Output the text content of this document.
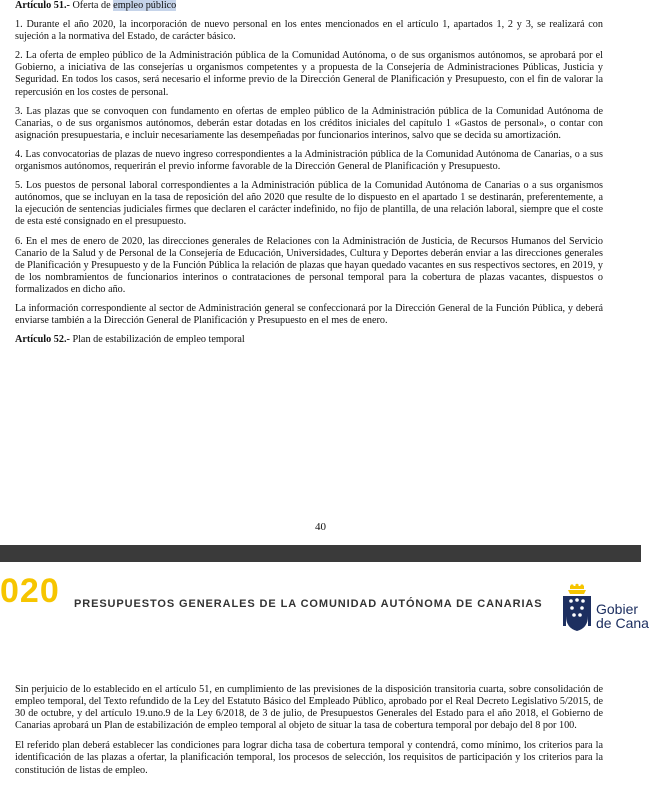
Artículo 51.- Oferta de empleo público

1. Durante el año 2020, la incorporación de nuevo personal en los entes mencionados en el artículo 1, apartados 1, 2 y 3, se realizará con sujeción a la normativa del Estado, de carácter básico.

2. La oferta de empleo público de la Administración pública de la Comunidad Autónoma, o de sus organismos autónomos, se aprobará por el Gobierno, a iniciativa de las consejerías u organismos competentes y a propuesta de la Consejería de Administraciones Públicas, Justicia y Seguridad. En todos los casos, será necesario el informe previo de la Dirección General de Planificación y Presupuesto, con el fin de valorar la repercusión en los costes de personal.

3. Las plazas que se convoquen con fundamento en ofertas de empleo público de la Administración pública de la Comunidad Autónoma de Canarias, o de sus organismos autónomos, deberán estar dotadas en los créditos iniciales del capítulo 1 «Gastos de personal», o contar con asignación presupuestaria, e incluir necesariamente las desempeñadas por funcionarios interinos, salvo que se decida su amortización.

4. Las convocatorias de plazas de nuevo ingreso correspondientes a la Administración pública de la Comunidad Autónoma de Canarias, o a sus organismos autónomos, requerirán el previo informe favorable de la Dirección General de Planificación y Presupuesto.

5. Los puestos de personal laboral correspondientes a la Administración pública de la Comunidad Autónoma de Canarias o a sus organismos autónomos, que se incluyan en la tasa de reposición del año 2020 que resulte de lo dispuesto en el apartado 1 se destinarán, preferentemente, a la ejecución de sentencias judiciales firmes que declaren el carácter indefinido, no fijo de plantilla, de una relación laboral, siempre que el coste de esta esté consignado en el presupuesto.

6. En el mes de enero de 2020, las direcciones generales de Relaciones con la Administración de Justicia, de Recursos Humanos del Servicio Canario de la Salud y de Personal de la Consejería de Educación, Universidades, Cultura y Deportes deberán enviar a las direcciones generales de Planificación y Presupuesto y de la Función Pública la relación de plazas que hayan quedado vacantes en sus respectivos sectores, en 2019, y de los nombramientos de funcionarios interinos o contrataciones de personal temporal para la cobertura de plazas vacantes, dispuestos o formalizados en dicho año.

La información correspondiente al sector de Administración general se confeccionará por la Dirección General de la Función Pública, y deberá enviarse también a la Dirección General de Planificación y Presupuesto en el mes de enero.

Artículo 52.- Plan de estabilización de empleo temporal
40
020 PRESUPUESTOS GENERALES DE LA COMUNIDAD AUTÓNOMA DE CANARIAS	Gobier
de Cana

Sin perjuicio de lo establecido en el artículo 51, en cumplimiento de las previsiones de la disposición transitoria cuarta, sobre consolidación de empleo temporal, del Texto refundido de la Ley del Estatuto Básico del Empleado Público, aprobado por el Real Decreto Legislativo 5/2015, de 30 de octubre, y del artículo 19.uno.9 de la Ley 6/2018, de 3 de julio, de Presupuestos Generales del Estado para el año 2018, el Gobierno de Canarias aprobará un Plan de estabilización de empleo temporal al objeto de situar la tasa de cobertura temporal por debajo del 8 por 100.

El referido plan deberá establecer las condiciones para lograr dicha tasa de cobertura temporal y contendrá, como mínimo, los criterios para la identificación de las plazas a ofertar, la planificación temporal, los procesos de selección, los requisitos de participación y los criterios para la constitución de listas de empleo.
